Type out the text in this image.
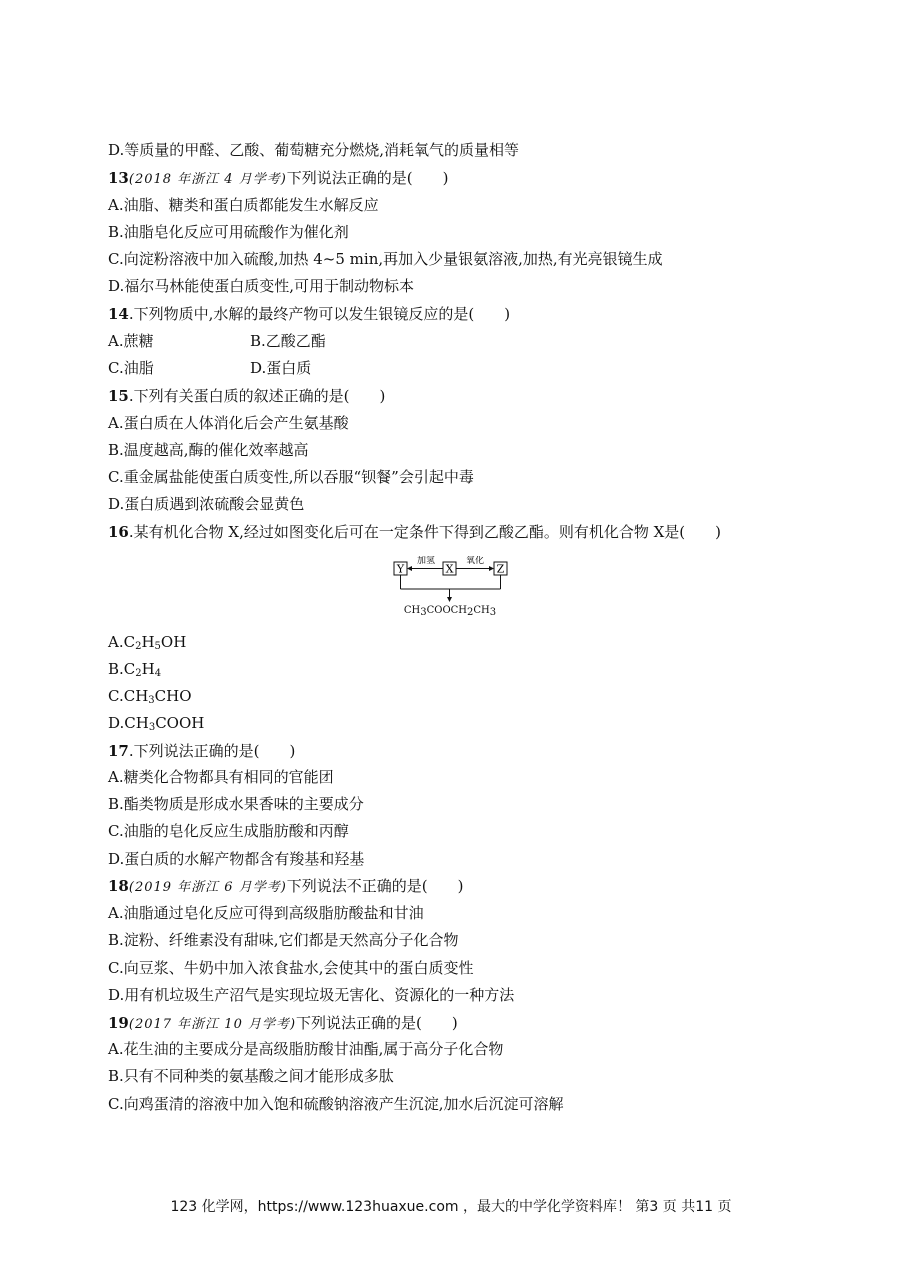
D.等质量的甲醛、乙酸、葡萄糖充分燃烧,消耗氧气的质量相等
13(2018 年浙江 4 月学考)下列说法正确的是(　　)
A.油脂、糖类和蛋白质都能发生水解反应
B.油脂皂化反应可用硫酸作为催化剂
C.向淀粉溶液中加入硫酸,加热 4~5 min,再加入少量银氨溶液,加热,有光亮银镜生成
D.福尔马林能使蛋白质变性,可用于制动物标本
14.下列物质中,水解的最终产物可以发生银镜反应的是(　　)
A.蔗糖	B.乙酸乙酯
C.油脂	D.蛋白质
15.下列有关蛋白质的叙述正确的是(　　)
A.蛋白质在人体消化后会产生氨基酸
B.温度越高,酶的催化效率越高
C.重金属盐能使蛋白质变性,所以吞服“钡餐”会引起中毒
D.蛋白质遇到浓硫酸会显黄色
16.某有机化合物 X,经过如图变化后可在一定条件下得到乙酸乙酯。则有机化合物 X是(　　)
Y	X	Z
加氢	氧化
$CH_3COOCH_2CH_3$
$A.C_2H_5OH$
$B.C_2H_4$
$C.CH_3CHO$
$D.CH_3COOH$
17.下列说法正确的是(　　)
A.糖类化合物都具有相同的官能团
B.酯类物质是形成水果香味的主要成分
C.油脂的皂化反应生成脂肪酸和丙醇
D.蛋白质的水解产物都含有羧基和羟基
18(2019 年浙江 6 月学考)下列说法不正确的是(　　)
A.油脂通过皂化反应可得到高级脂肪酸盐和甘油
B.淀粉、纤维素没有甜味,它们都是天然高分子化合物
C.向豆浆、牛奶中加入浓食盐水,会使其中的蛋白质变性
D.用有机垃圾生产沼气是实现垃圾无害化、资源化的一种方法
19(2017 年浙江 10 月学考)下列说法正确的是(　　)
A.花生油的主要成分是高级脂肪酸甘油酯,属于高分子化合物
B.只有不同种类的氨基酸之间才能形成多肽
C.向鸡蛋清的溶液中加入饱和硫酸钠溶液产生沉淀,加水后沉淀可溶解
123 化学网，https://www.123huaxue.com ，最大的中学化学资料库！ 第3 页 共11 页
